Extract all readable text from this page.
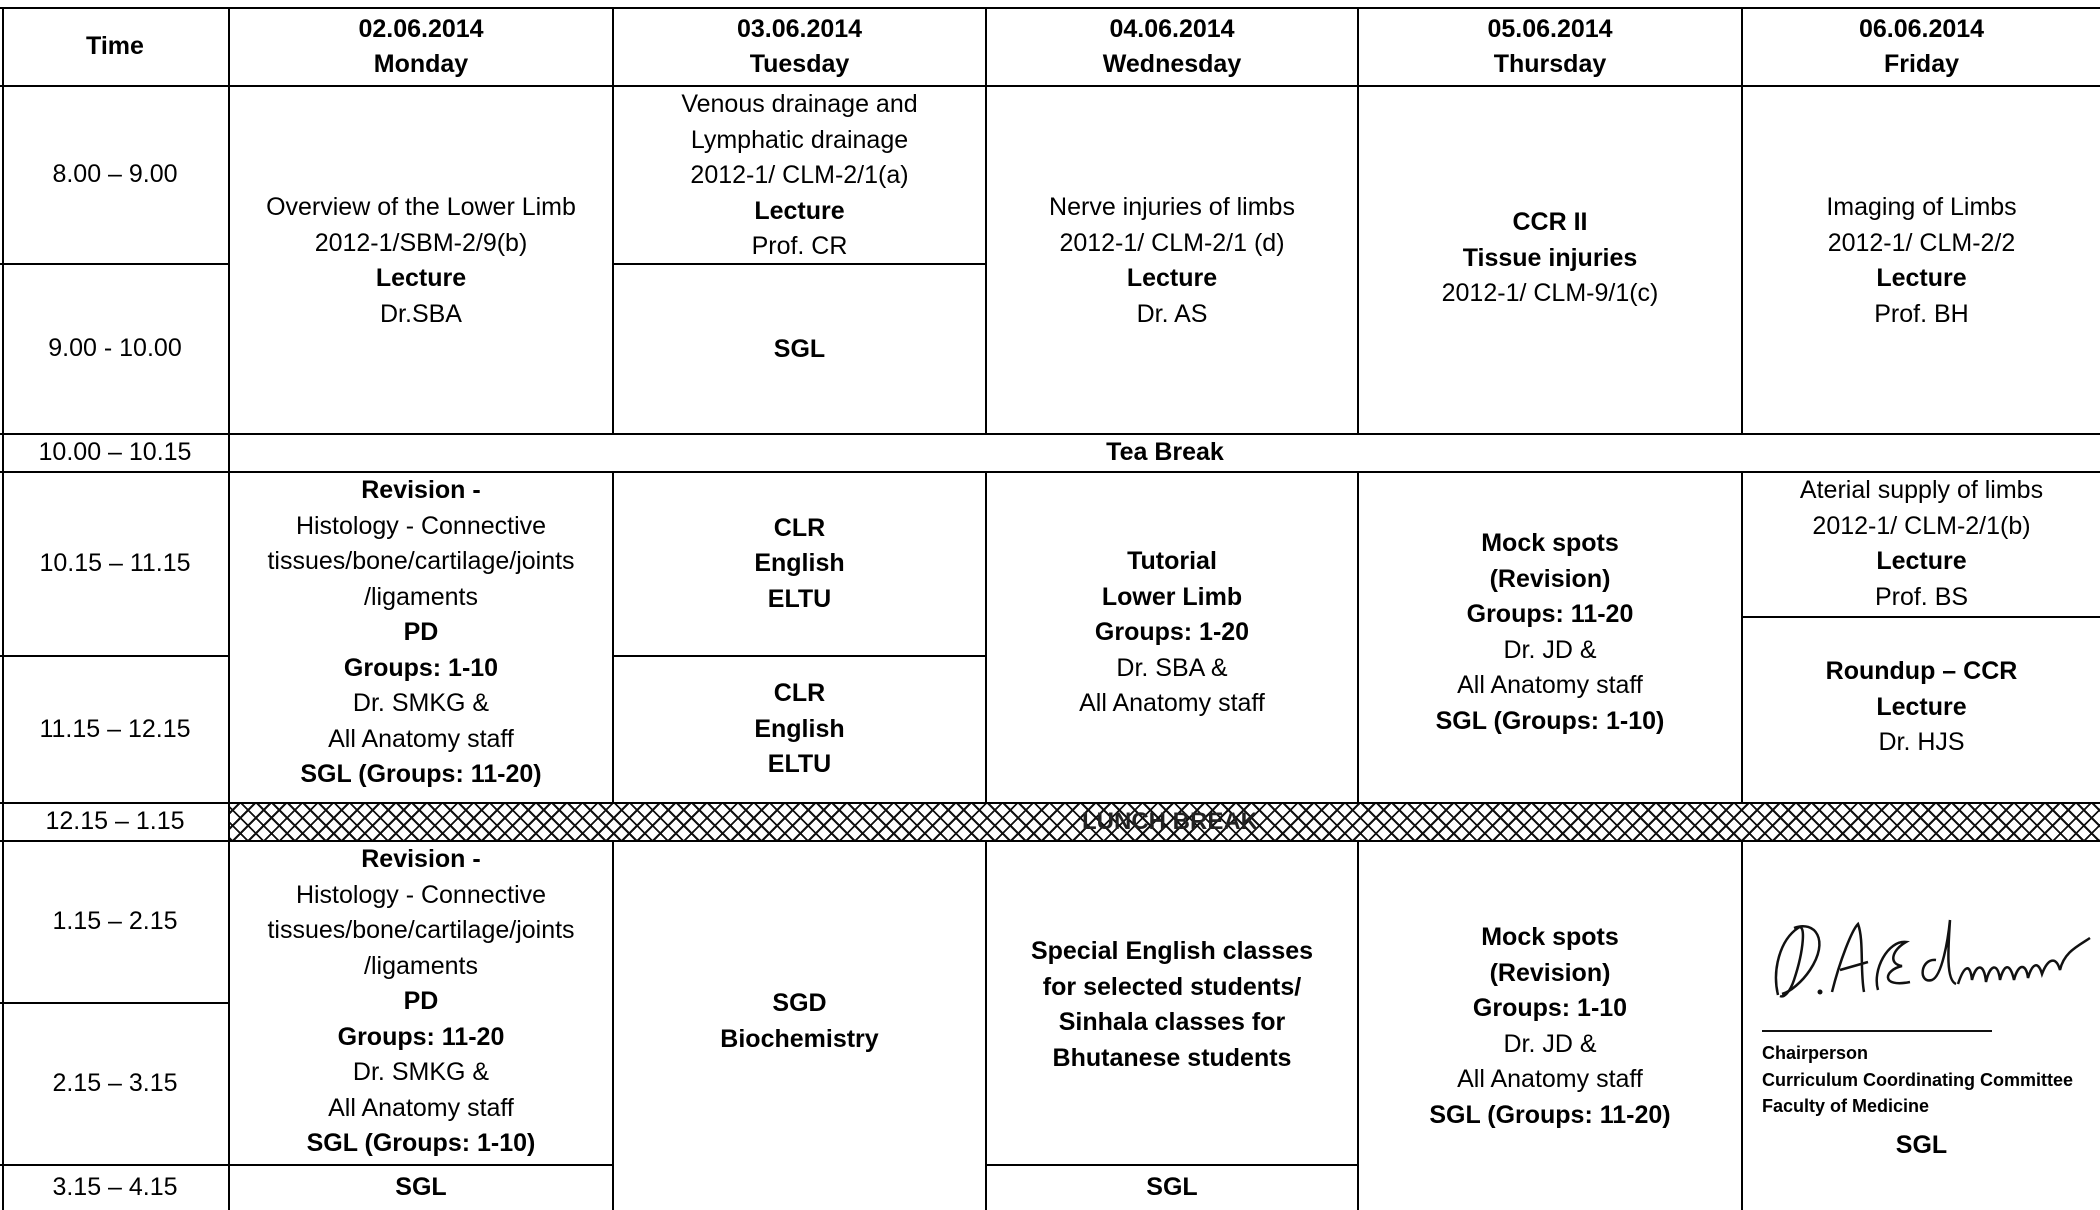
Time
02.06.2014
Monday
03.06.2014
Tuesday
04.06.2014
Wednesday
05.06.2014
Thursday
06.06.2014
Friday
8.00 – 9.00
9.00 - 10.00
10.00 – 10.15
10.15 – 11.15
11.15 – 12.15
12.15 – 1.15
1.15 – 2.15
2.15 – 3.15
3.15 – 4.15
Overview of the Lower Limb
2012-1/SBM-2/9(b)
Lecture
Dr.SBA
Venous drainage and
Lymphatic drainage
2012-1/ CLM-2/1(a)
Lecture
Prof. CR
SGL
Nerve injuries of limbs
2012-1/ CLM-2/1 (d)
Lecture
Dr. AS
CCR II
Tissue injuries
2012-1/ CLM-9/1(c)
Imaging of Limbs
2012-1/ CLM-2/2
Lecture
Prof. BH
Tea Break
Revision -
Histology - Connective
tissues/bone/cartilage/joints
/ligaments
PD
Groups: 1-10
Dr. SMKG &
All Anatomy staff
SGL (Groups: 11-20)
CLR
English
ELTU
CLR
English
ELTU
Tutorial
Lower Limb
Groups: 1-20
Dr. SBA &
All Anatomy staff
Mock spots
(Revision)
Groups: 11-20
Dr. JD &
All Anatomy staff
SGL (Groups: 1-10)
Aterial supply of limbs
2012-1/ CLM-2/1(b)
Lecture
Prof. BS
Roundup – CCR
Lecture
Dr. HJS
LUNCH BREAK
Revision -
Histology - Connective
tissues/bone/cartilage/joints
/ligaments
PD
Groups: 11-20
Dr. SMKG &
All Anatomy staff
SGL (Groups: 1-10)
SGL
SGD
Biochemistry
Special English classes
for selected students/
Sinhala classes for
Bhutanese students
SGL
Mock spots
(Revision)
Groups: 1-10
Dr. JD &
All Anatomy staff
SGL (Groups: 11-20)
Chairperson
Curriculum Coordinating Committee
Faculty of Medicine
SGL
